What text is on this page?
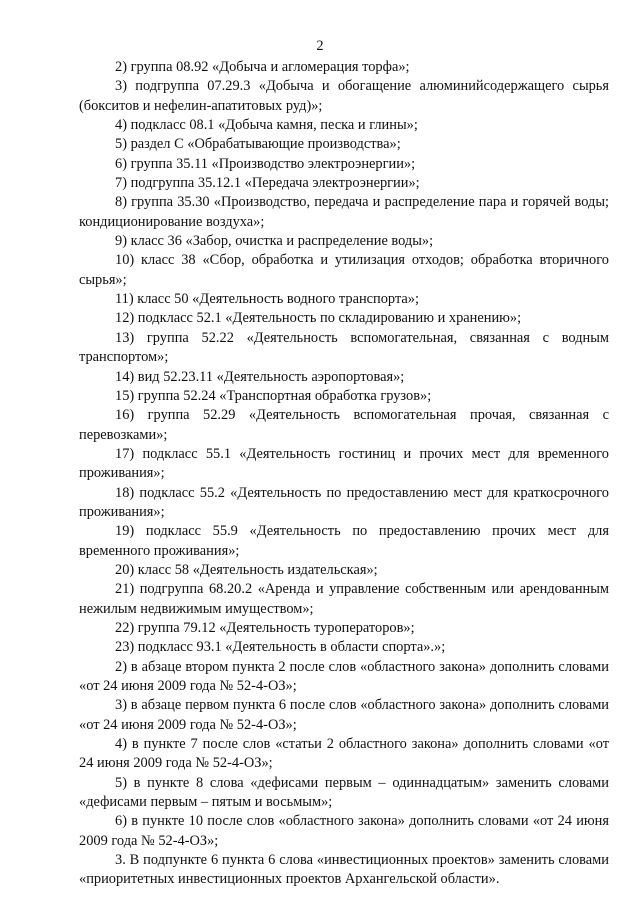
2

2) группа 08.92 «Добыча и агломерация торфа»;

3) подгруппа 07.29.3 «Добыча и обогащение алюминийсодержащего сырья (бокситов и нефелин-апатитовых руд)»;

4) подкласс 08.1 «Добыча камня, песка и глины»;

5) раздел С «Обрабатывающие производства»;

6) группа 35.11 «Производство электроэнергии»;

7) подгруппа 35.12.1 «Передача электроэнергии»;

8) группа 35.30 «Производство, передача и распределение пара и горячей воды; кондиционирование воздуха»;

9) класс 36 «Забор, очистка и распределение воды»;

10) класс 38 «Сбор, обработка и утилизация отходов; обработка вторичного сырья»;

11) класс 50 «Деятельность водного транспорта»;

12) подкласс 52.1 «Деятельность по складированию и хранению»;

13) группа 52.22 «Деятельность вспомогательная, связанная с водным транспортом»;

14) вид 52.23.11 «Деятельность аэропортовая»;

15) группа 52.24 «Транспортная обработка грузов»;

16) группа 52.29 «Деятельность вспомогательная прочая, связанная с перевозками»;

17) подкласс 55.1 «Деятельность гостиниц и прочих мест для временного проживания»;

18) подкласс 55.2 «Деятельность по предоставлению мест для краткосрочного проживания»;

19) подкласс 55.9 «Деятельность по предоставлению прочих мест для временного проживания»;

20) класс 58 «Деятельность издательская»;

21) подгруппа 68.20.2 «Аренда и управление собственным или арендованным нежилым недвижимым имуществом»;

22) группа 79.12 «Деятельность туроператоров»;

23) подкласс 93.1 «Деятельность в области спорта».»;

2) в абзаце втором пункта 2 после слов «областного закона» дополнить словами «от 24 июня 2009 года № 52-4-ОЗ»;

3) в абзаце первом пункта 6 после слов «областного закона» дополнить словами «от 24 июня 2009 года № 52-4-ОЗ»;

4) в пункте 7 после слов «статьи 2 областного закона» дополнить словами «от 24 июня 2009 года № 52-4-ОЗ»;

5) в пункте 8 слова «дефисами первым – одиннадцатым» заменить словами «дефисами первым – пятым и восьмым»;

6) в пункте 10 после слов «областного закона» дополнить словами «от 24 июня 2009 года № 52-4-ОЗ»;

3. В подпункте 6 пункта 6 слова «инвестиционных проектов» заменить словами «приоритетных инвестиционных проектов Архангельской области».
